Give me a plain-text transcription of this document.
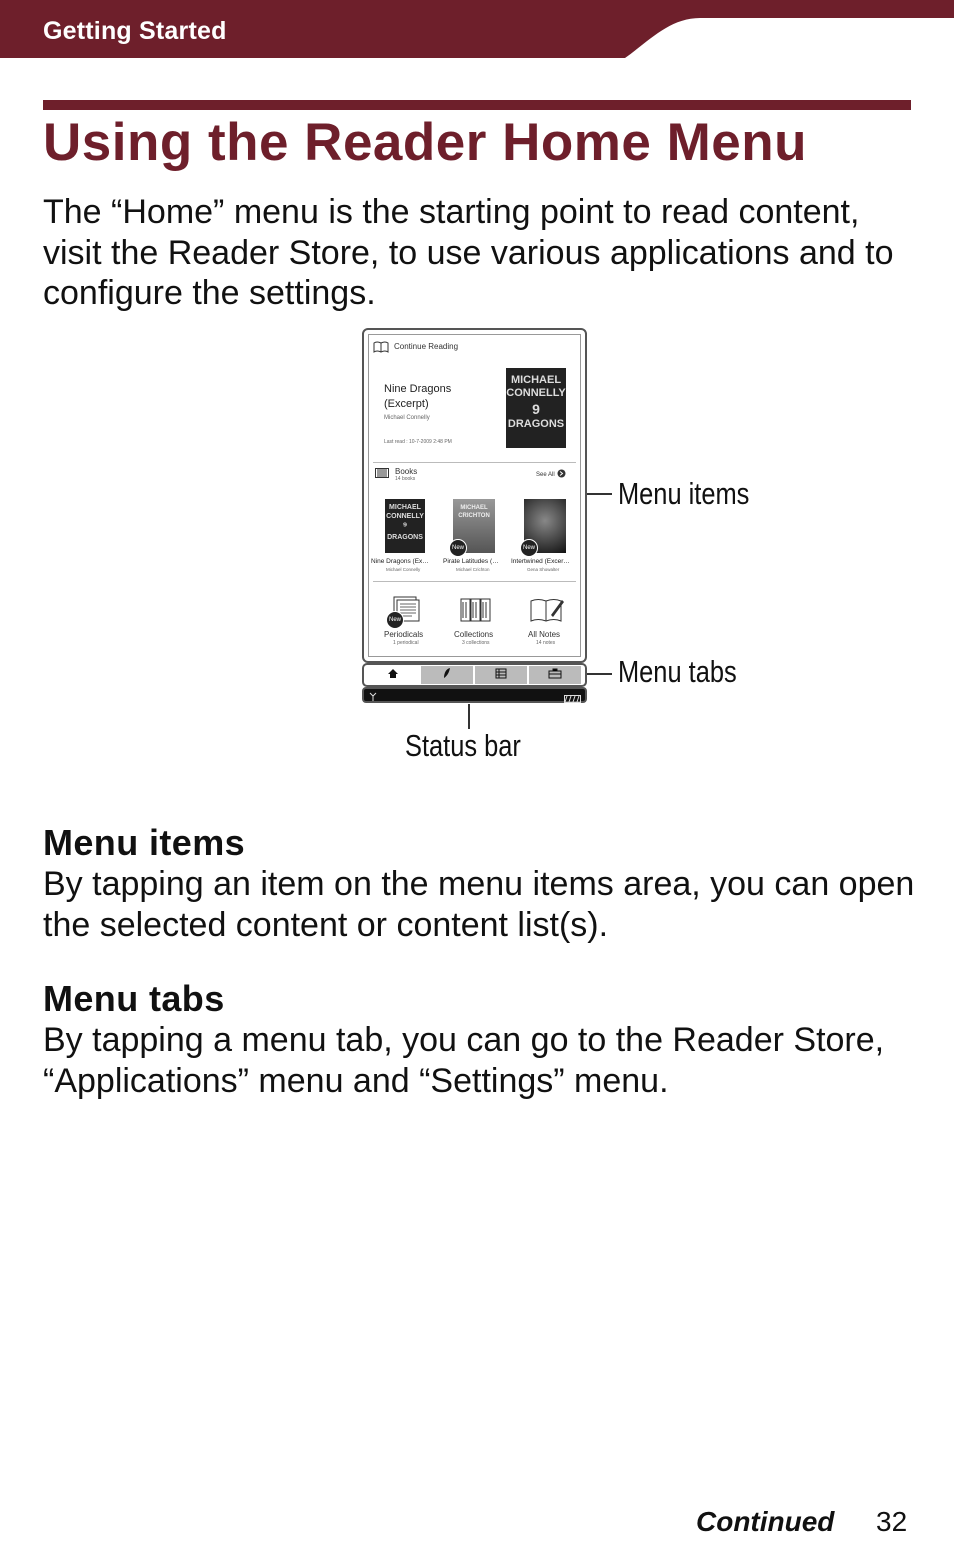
Getting Started
Using the Reader Home Menu

The “Home” menu is the starting point to read content, visit the Reader Store, to use various applications and to configure the settings.

Continue Reading
Nine Dragons (Excerpt)
Michael Connelly
Last read : 10-7-2009 2:48 PM
MICHAEL
CONNELLY
9
DRAGONS
Books
14 books
See All
MICHAEL CONNELLY
⁹
DRAGONS
MICHAEL CRICHTON
New	New
Nine Dragons (Ex…
Michael Connelly
Pirate Latitudes (…
Michael Crichton
Intertwined (Excer…
Gena Showalter
New
Periodicals
1 periodical
Collections
3 collections
All Notes
14 notes
Menu items
Menu tabs
Status bar
Menu items

By tapping an item on the menu items area, you can open the selected content or content list(s).

Menu tabs

By tapping a menu tab, you can go to the Reader Store, “Applications” menu and “Settings” menu.

Continued 32
